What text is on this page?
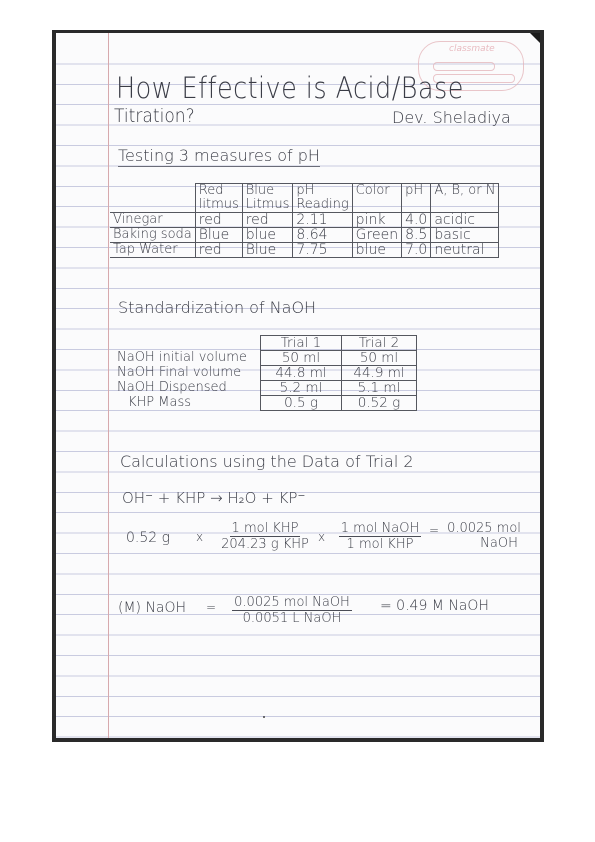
classmate
How Effective is Acid/Base
Titration?	Dev. Sheladiya
Testing 3 measures of pH
	Red litmus	Blue Litmus	pH Reading	Color	pH	A, B, or N
Vinegar	red	red	2.11	pink	4.0	acidic
Baking soda	Blue	blue	8.64	Green	8.5	basic
Tap Water	red	Blue	7.75	blue	7.0	neutral
Standardization of NaOH
	Trial 1	Trial 2
NaOH initial volume	50 ml	50 ml
NaOH Final volume	44.8 ml	44.9 ml
NaOH Dispensed	5.2 ml	5.1 ml
KHP Mass	0.5 g	0.52 g
Calculations using the Data of Trial 2
OH⁻ + KHP → H₂O + KP⁻
0.52 g x
1 mol KHP
204.23 g KHP x
1 mol NaOH
1 mol KHP
= 0.0025 mol
NaOH
(M) NaOH = 0.0025 mol NaOH
0.0051 L NaOH
= 0.49 M NaOH
